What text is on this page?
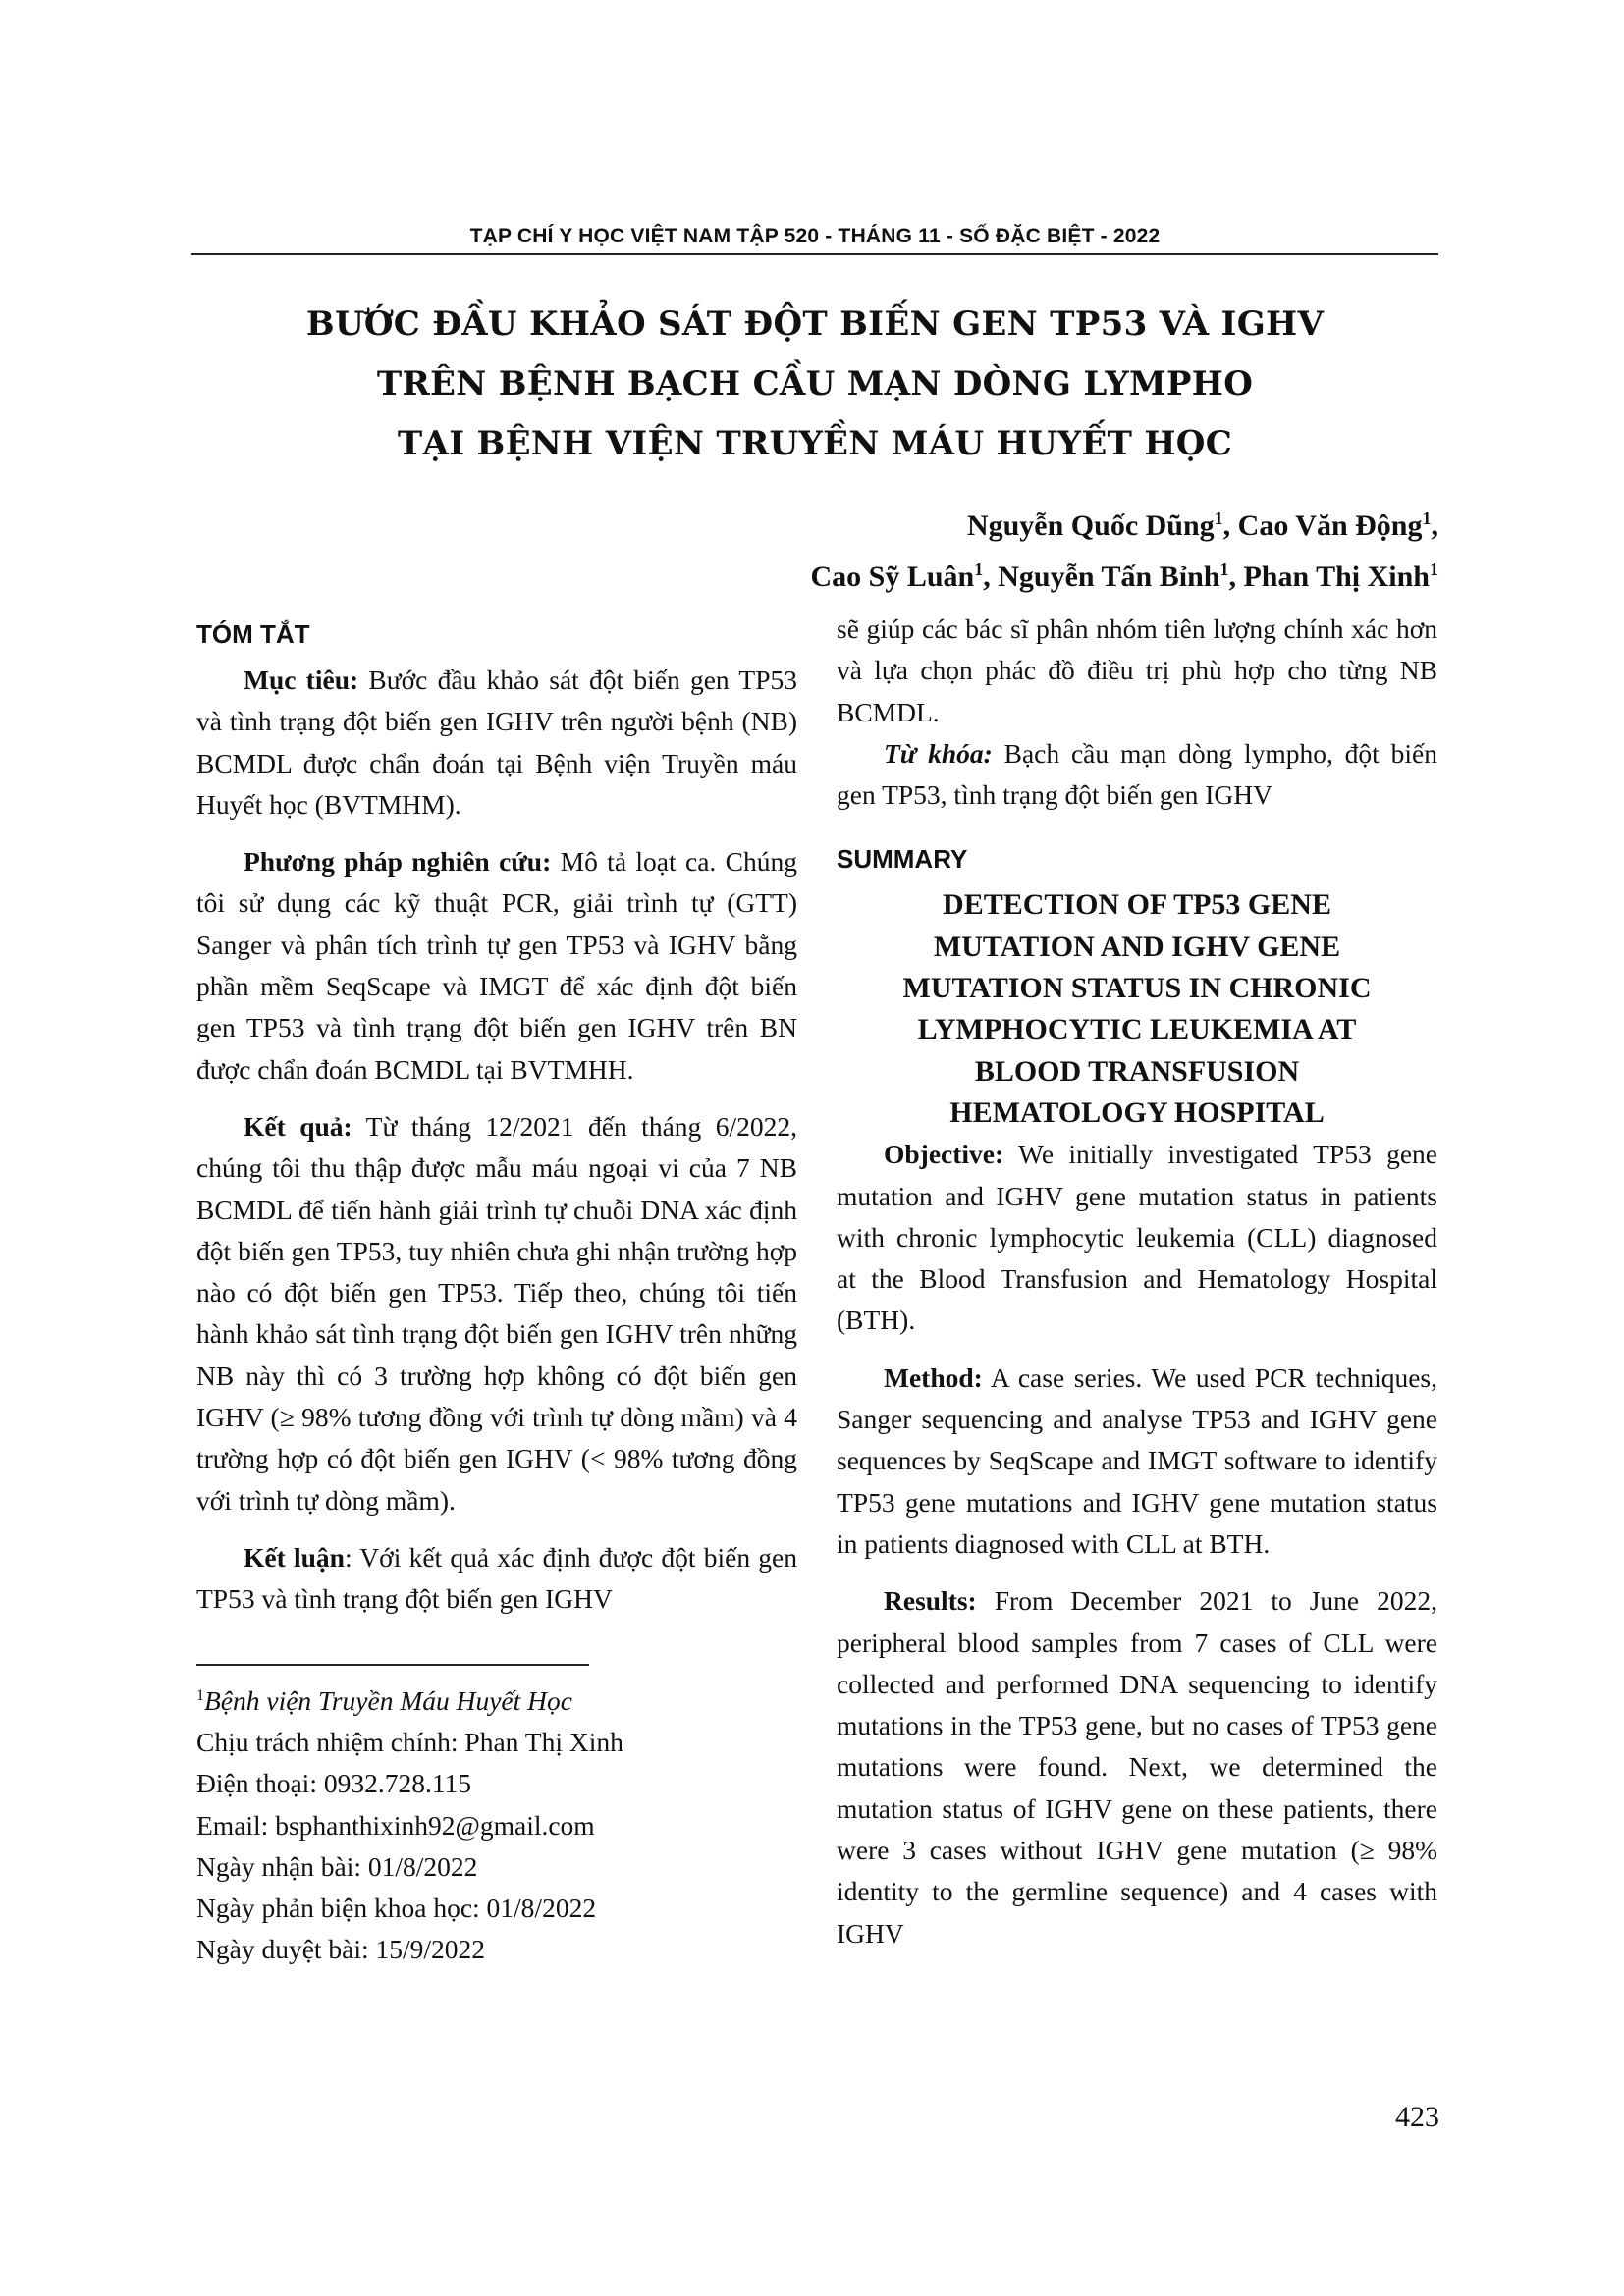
TẠP CHÍ Y HỌC VIỆT NAM TẬP 520 - THÁNG 11 - SỐ ĐẶC BIỆT - 2022
BƯỚC ĐẦU KHẢO SÁT ĐỘT BIẾN GEN TP53 VÀ IGHV
TRÊN BỆNH BẠCH CẦU MẠN DÒNG LYMPHO
TẠI BỆNH VIỆN TRUYỀN MÁU HUYẾT HỌC
Nguyễn Quốc Dũng$^1$, Cao Văn Động$^1$,
Cao Sỹ Luân$^1$, Nguyễn Tấn Bỉnh$^1$, Phan Thị Xinh$^1$
TÓM TẮT

Mục tiêu: Bước đầu khảo sát đột biến gen TP53 và tình trạng đột biến gen IGHV trên người bệnh (NB) BCMDL được chẩn đoán tại Bệnh viện Truyền máu Huyết học (BVTMHM).

Phương pháp nghiên cứu: Mô tả loạt ca. Chúng tôi sử dụng các kỹ thuật PCR, giải trình tự (GTT) Sanger và phân tích trình tự gen TP53 và IGHV bằng phần mềm SeqScape và IMGT để xác định đột biến gen TP53 và tình trạng đột biến gen IGHV trên BN được chẩn đoán BCMDL tại BVTMHH.

Kết quả: Từ tháng 12/2021 đến tháng 6/2022, chúng tôi thu thập được mẫu máu ngoại vi của 7 NB BCMDL để tiến hành giải trình tự chuỗi DNA xác định đột biến gen TP53, tuy nhiên chưa ghi nhận trường hợp nào có đột biến gen TP53. Tiếp theo, chúng tôi tiến hành khảo sát tình trạng đột biến gen IGHV trên những NB này thì có 3 trường hợp không có đột biến gen IGHV (≥ 98% tương đồng với trình tự dòng mầm) và 4 trường hợp có đột biến gen IGHV (< 98% tương đồng với trình tự dòng mầm).

Kết luận: Với kết quả xác định được đột biến gen TP53 và tình trạng đột biến gen IGHV

$^1$Bệnh viện Truyền Máu Huyết Học
Chịu trách nhiệm chính: Phan Thị Xinh
Điện thoại: 0932.728.115
Email: bsphanthixinh92@gmail.com
Ngày nhận bài: 01/8/2022
Ngày phản biện khoa học: 01/8/2022
Ngày duyệt bài: 15/9/2022

sẽ giúp các bác sĩ phân nhóm tiên lượng chính xác hơn và lựa chọn phác đồ điều trị phù hợp cho từng NB BCMDL.

Từ khóa: Bạch cầu mạn dòng lympho, đột biến gen TP53, tình trạng đột biến gen IGHV

SUMMARY
DETECTION OF TP53 GENE
MUTATION AND IGHV GENE
MUTATION STATUS IN CHRONIC
LYMPHOCYTIC LEUKEMIA AT
BLOOD TRANSFUSION
HEMATOLOGY HOSPITAL

Objective: We initially investigated TP53 gene mutation and IGHV gene mutation status in patients with chronic lymphocytic leukemia (CLL) diagnosed at the Blood Transfusion and Hematology Hospital (BTH).

Method: A case series. We used PCR techniques, Sanger sequencing and analyse TP53 and IGHV gene sequences by SeqScape and IMGT software to identify TP53 gene mutations and IGHV gene mutation status in patients diagnosed with CLL at BTH.

Results: From December 2021 to June 2022, peripheral blood samples from 7 cases of CLL were collected and performed DNA sequencing to identify mutations in the TP53 gene, but no cases of TP53 gene mutations were found. Next, we determined the mutation status of IGHV gene on these patients, there were 3 cases without IGHV gene mutation (≥ 98% identity to the germline sequence) and 4 cases with IGHV

423
